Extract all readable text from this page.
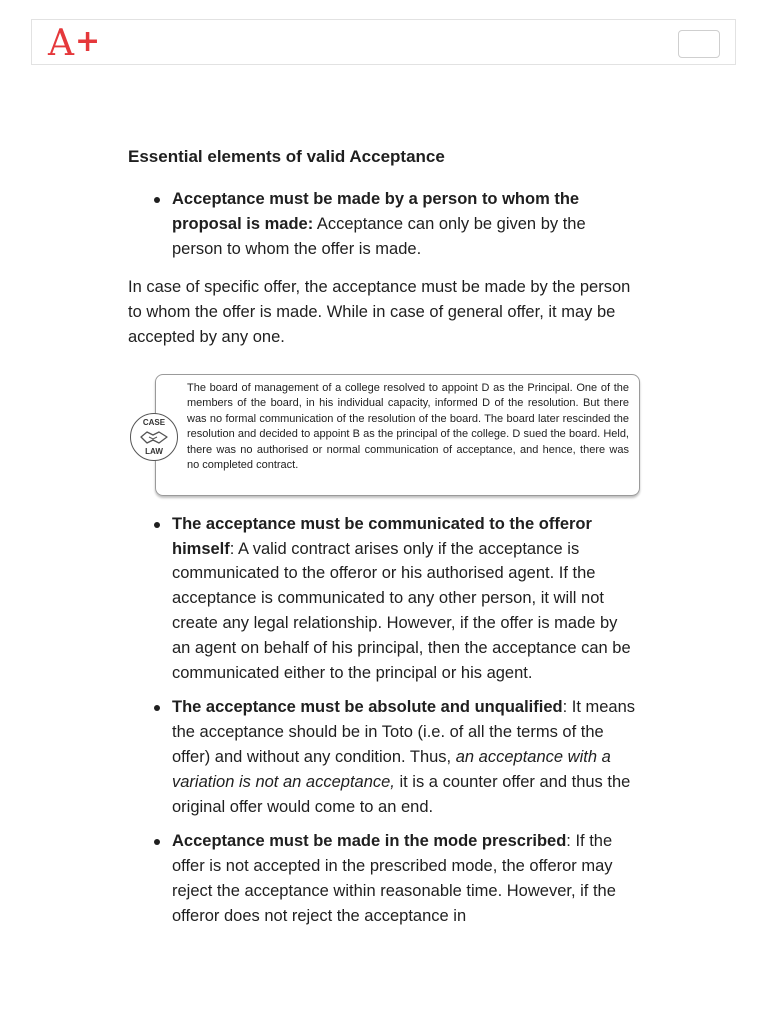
A+
Essential elements of valid Acceptance
Acceptance must be made by a person to whom the proposal is made: Acceptance can only be given by the person to whom the offer is made.

In case of specific offer, the acceptance must be made by the person to whom the offer is made. While in case of general offer, it may be accepted by any one.

CASE
LAW

The board of management of a college resolved to appoint D as the Principal. One of the members of the board, in his individual capacity, informed D of the resolution. But there was no formal communication of the resolution of the board. The board later rescinded the resolution and decided to appoint B as the principal of the college. D sued the board. Held, there was no authorised or normal communication of acceptance, and hence, there was no completed contract.

The acceptance must be communicated to the offeror himself: A valid contract arises only if the acceptance is communicated to the offeror or his authorised agent. If the acceptance is communicated to any other person, it will not create any legal relationship. However, if the offer is made by an agent on behalf of his principal, then the acceptance can be communicated either to the principal or his agent.
The acceptance must be absolute and unqualified: It means the acceptance should be in Toto (i.e. of all the terms of the offer) and without any condition. Thus, an acceptance with a variation is not an acceptance, it is a counter offer and thus the original offer would come to an end.
Acceptance must be made in the mode prescribed: If the offer is not accepted in the prescribed mode, the offeror may reject the acceptance within reasonable time. However, if the offeror does not reject the acceptance in
